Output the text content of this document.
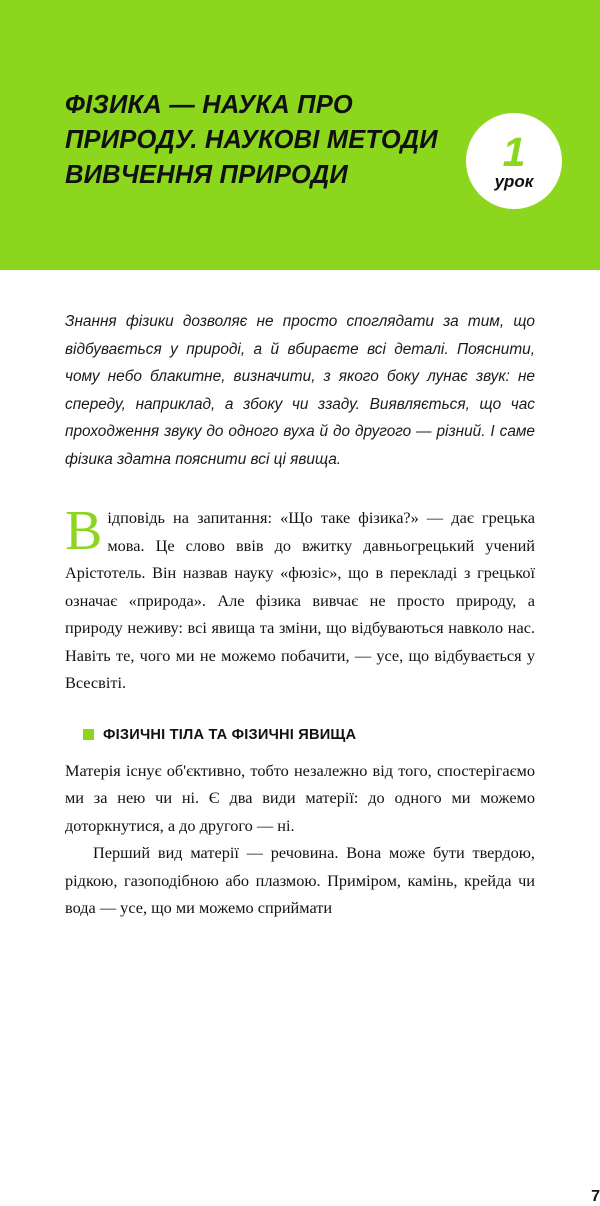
ФІЗИКА — НАУКА ПРО ПРИРОДУ. НАУКОВІ МЕТОДИ ВИВЧЕННЯ ПРИРОДИ
1
урок

Знання фізики дозволяє не просто споглядати за тим, що відбувається у природі, а й вбираєте всі деталі. Пояснити, чому небо блакитне, визначити, з якого боку лунає звук: не спереду, наприклад, а збоку чи ззаду. Виявляється, що час проходження звуку до одного вуха й до другого — різний. І саме фізика здатна пояснити всі ці явища.

Відповідь на запитання: «Що таке фізика?» — дає грецька мова. Це слово ввів до вжитку давньогрецький учений Арістотель. Він назвав науку «фюзіс», що в перекладі з грецької означає «природа». Але фізика вивчає не просто природу, а природу неживу: всі явища та зміни, що відбуваються навколо нас. Навіть те, чого ми не можемо побачити, — усе, що відбувається у Всесвіті.
ФІЗИЧНІ ТІЛА ТА ФІЗИЧНІ ЯВИЩА

Матерія існує об'єктивно, тобто незалежно від того, спостерігаємо ми за нею чи ні. Є два види матерії: до одного ми можемо доторкнутися, а до другого — ні.

Перший вид матерії — речовина. Вона може бути твердою, рідкою, газоподібною або плазмою. Приміром, камінь, крейда чи вода — усе, що ми можемо сприймати

7
